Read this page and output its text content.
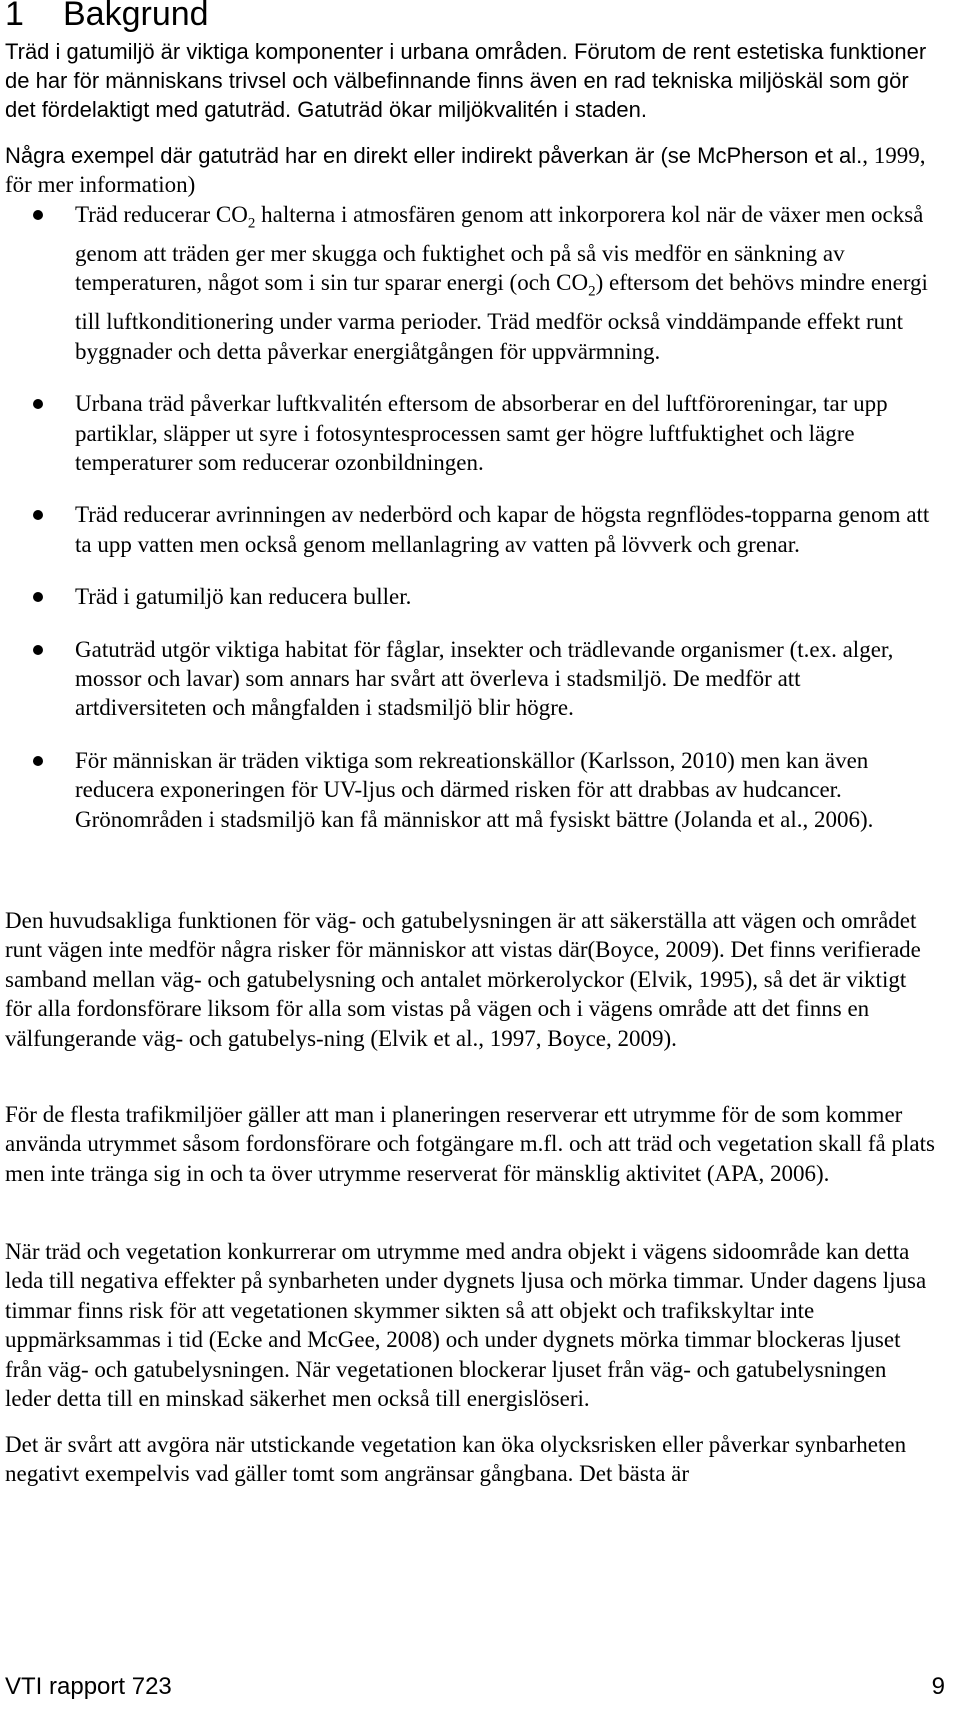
1 Bakgrund

Träd i gatumiljö är viktiga komponenter i urbana områden. Förutom de rent estetiska funktioner de har för människans trivsel och välbefinnande finns även en rad tekniska miljöskäl som gör det fördelaktigt med gatuträd. Gatuträd ökar miljökvalitén i staden.

Några exempel där gatuträd har en direkt eller indirekt påverkan är (se McPherson et al., 1999, för mer information)

Träd reducerar $CO_2$ halterna i atmosfären genom att inkorporera kol när de växer men också genom att träden ger mer skugga och fuktighet och på så vis medför en sänkning av temperaturen, något som i sin tur sparar energi (och $CO_2$) eftersom det behövs mindre energi till luftkonditionering under varma perioder. Träd medför också vinddämpande effekt runt byggnader och detta påverkar energiåtgången för uppvärmning.
Urbana träd påverkar luftkvalitén eftersom de absorberar en del luftföroreningar, tar upp partiklar, släpper ut syre i fotosyntesprocessen samt ger högre luftfuktighet och lägre temperaturer som reducerar ozonbildningen.
Träd reducerar avrinningen av nederbörd och kapar de högsta regnflödes-topparna genom att ta upp vatten men också genom mellanlagring av vatten på lövverk och grenar.
Träd i gatumiljö kan reducera buller.
Gatuträd utgör viktiga habitat för fåglar, insekter och trädlevande organismer (t.ex. alger, mossor och lavar) som annars har svårt att överleva i stadsmiljö. De medför att artdiversiteten och mångfalden i stadsmiljö blir högre.
För människan är träden viktiga som rekreationskällor (Karlsson, 2010) men kan även reducera exponeringen för UV-ljus och därmed risken för att drabbas av hudcancer. Grönområden i stadsmiljö kan få människor att må fysiskt bättre (Jolanda et al., 2006).

Den huvudsakliga funktionen för väg- och gatubelysningen är att säkerställa att vägen och området runt vägen inte medför några risker för människor att vistas där(Boyce, 2009). Det finns verifierade samband mellan väg- och gatubelysning och antalet mörkerolyckor (Elvik, 1995), så det är viktigt för alla fordonsförare liksom för alla som vistas på vägen och i vägens område att det finns en välfungerande väg- och gatubelys-ning (Elvik et al., 1997, Boyce, 2009).

För de flesta trafikmiljöer gäller att man i planeringen reserverar ett utrymme för de som kommer använda utrymmet såsom fordonsförare och fotgängare m.fl. och att träd och vegetation skall få plats men inte tränga sig in och ta över utrymme reserverat för mänsklig aktivitet (APA, 2006).

När träd och vegetation konkurrerar om utrymme med andra objekt i vägens sidoområde kan detta leda till negativa effekter på synbarheten under dygnets ljusa och mörka timmar. Under dagens ljusa timmar finns risk för att vegetationen skymmer sikten så att objekt och trafikskyltar inte uppmärksammas i tid (Ecke and McGee, 2008) och under dygnets mörka timmar blockeras ljuset från väg- och gatubelysningen. När vegetationen blockerar ljuset från väg- och gatubelysningen leder detta till en minskad säkerhet men också till energislöseri.

Det är svårt att avgöra när utstickande vegetation kan öka olycksrisken eller påverkar synbarheten negativt exempelvis vad gäller tomt som angränsar gångbana. Det bästa är

VTI rapport 723	9
